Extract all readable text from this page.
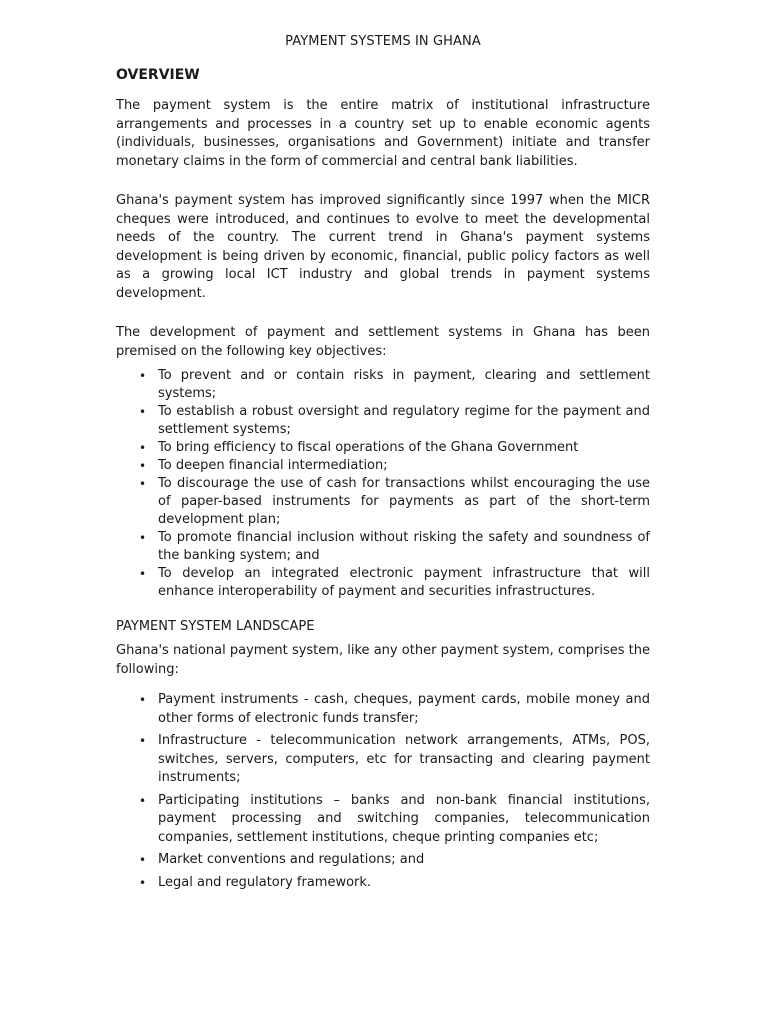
PAYMENT SYSTEMS IN GHANA
OVERVIEW

The payment system is the entire matrix of institutional infrastructure arrangements and processes in a country set up to enable economic agents (individuals, businesses, organisations and Government) initiate and transfer monetary claims in the form of commercial and central bank liabilities.

Ghana's payment system has improved significantly since 1997 when the MICR cheques were introduced, and continues to evolve to meet the developmental needs of the country. The current trend in Ghana's payment systems development is being driven by economic, financial, public policy factors as well as a growing local ICT industry and global trends in payment systems development.

The development of payment and settlement systems in Ghana has been premised on the following key objectives:

• To prevent and or contain risks in payment, clearing and settlement systems;
• To establish a robust oversight and regulatory regime for the payment and settlement systems;
• To bring efficiency to fiscal operations of the Ghana Government
• To deepen financial intermediation;
• To discourage the use of cash for transactions whilst encouraging the use of paper-based instruments for payments as part of the short-term development plan;
• To promote financial inclusion without risking the safety and soundness of the banking system; and
• To develop an integrated electronic payment infrastructure that will enhance interoperability of payment and securities infrastructures.
PAYMENT SYSTEM LANDSCAPE

Ghana's national payment system, like any other payment system, comprises the following:

• Payment instruments - cash, cheques, payment cards, mobile money and other forms of electronic funds transfer;
• Infrastructure - telecommunication network arrangements, ATMs, POS, switches, servers, computers, etc for transacting and clearing payment instruments;
• Participating institutions – banks and non-bank financial institutions, payment processing and switching companies, telecommunication companies, settlement institutions, cheque printing companies etc;
• Market conventions and regulations; and
• Legal and regulatory framework.
